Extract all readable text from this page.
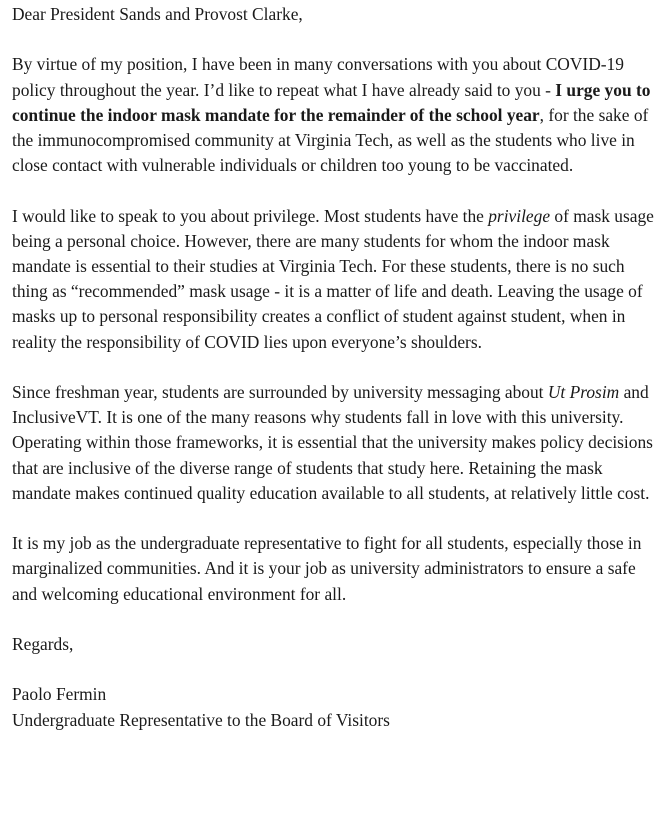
Dear President Sands and Provost Clarke,

By virtue of my position, I have been in many conversations with you about COVID-19 policy throughout the year. I’d like to repeat what I have already said to you - I urge you to continue the indoor mask mandate for the remainder of the school year, for the sake of the immunocompromised community at Virginia Tech, as well as the students who live in close contact with vulnerable individuals or children too young to be vaccinated.

I would like to speak to you about privilege. Most students have the privilege of mask usage being a personal choice. However, there are many students for whom the indoor mask mandate is essential to their studies at Virginia Tech. For these students, there is no such thing as “recommended” mask usage - it is a matter of life and death. Leaving the usage of masks up to personal responsibility creates a conflict of student against student, when in reality the responsibility of COVID lies upon everyone’s shoulders.

Since freshman year, students are surrounded by university messaging about Ut Prosim and InclusiveVT. It is one of the many reasons why students fall in love with this university. Operating within those frameworks, it is essential that the university makes policy decisions that are inclusive of the diverse range of students that study here. Retaining the mask mandate makes continued quality education available to all students, at relatively little cost.

It is my job as the undergraduate representative to fight for all students, especially those in marginalized communities. And it is your job as university administrators to ensure a safe and welcoming educational environment for all.

Regards,

Paolo Fermin

Undergraduate Representative to the Board of Visitors
